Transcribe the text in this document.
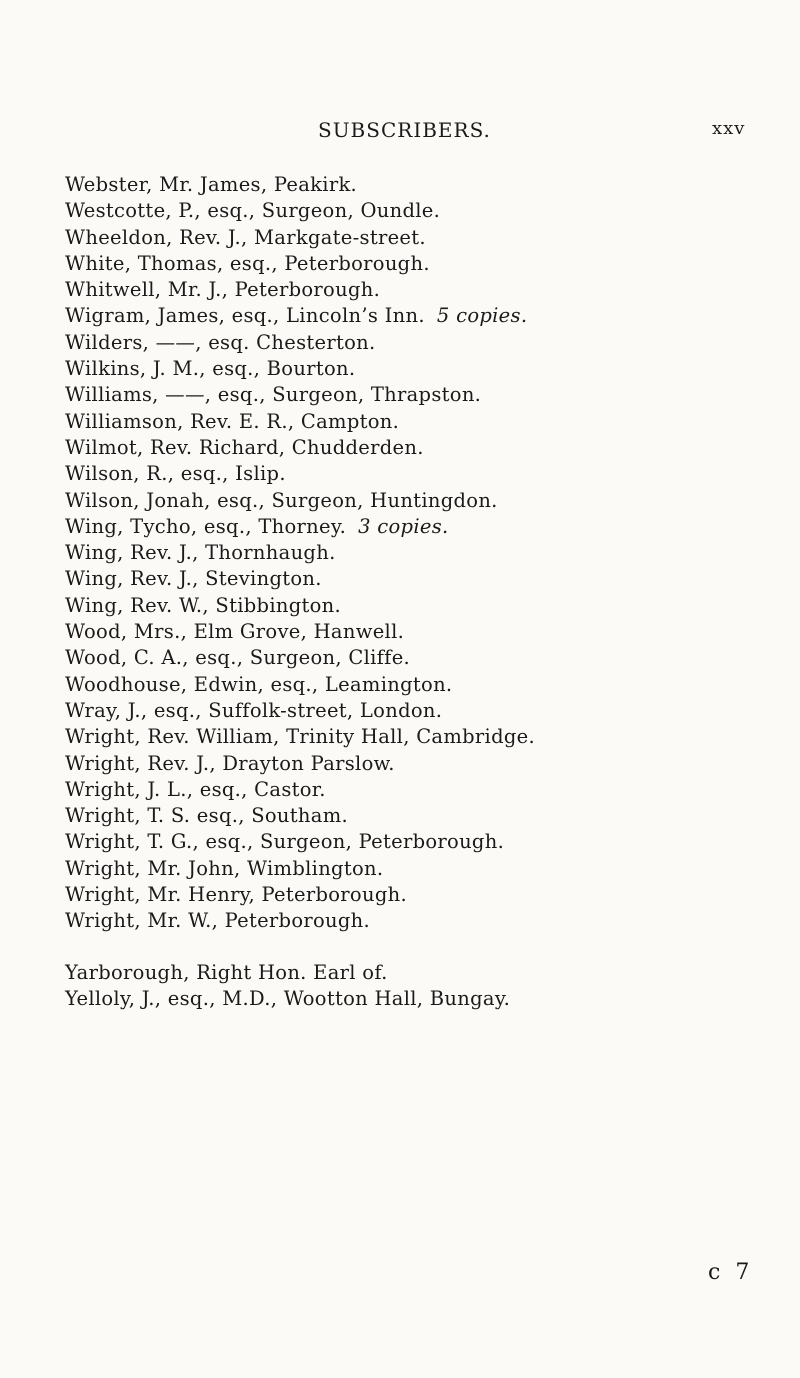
SUBSCRIBERS.	xxv
Webster, Mr. James, Peakirk.
Westcotte, P., esq., Surgeon, Oundle.
Wheeldon, Rev. J., Markgate-street.
White, Thomas, esq., Peterborough.
Whitwell, Mr. J., Peterborough.
Wigram, James, esq., Lincoln’s Inn. 5 copies.
Wilders, ——, esq. Chesterton.
Wilkins, J. M., esq., Bourton.
Williams, ——, esq., Surgeon, Thrapston.
Williamson, Rev. E. R., Campton.
Wilmot, Rev. Richard, Chudderden.
Wilson, R., esq., Islip.
Wilson, Jonah, esq., Surgeon, Huntingdon.
Wing, Tycho, esq., Thorney. 3 copies.
Wing, Rev. J., Thornhaugh.
Wing, Rev. J., Stevington.
Wing, Rev. W., Stibbington.
Wood, Mrs., Elm Grove, Hanwell.
Wood, C. A., esq., Surgeon, Cliffe.
Woodhouse, Edwin, esq., Leamington.
Wray, J., esq., Suffolk-street, London.
Wright, Rev. William, Trinity Hall, Cambridge.
Wright, Rev. J., Drayton Parslow.
Wright, J. L., esq., Castor.
Wright, T. S. esq., Southam.
Wright, T. G., esq., Surgeon, Peterborough.
Wright, Mr. John, Wimblington.
Wright, Mr. Henry, Peterborough.
Wright, Mr. W., Peterborough.
Yarborough, Right Hon. Earl of.
Yelloly, J., esq., M.D., Wootton Hall, Bungay.
c 7
